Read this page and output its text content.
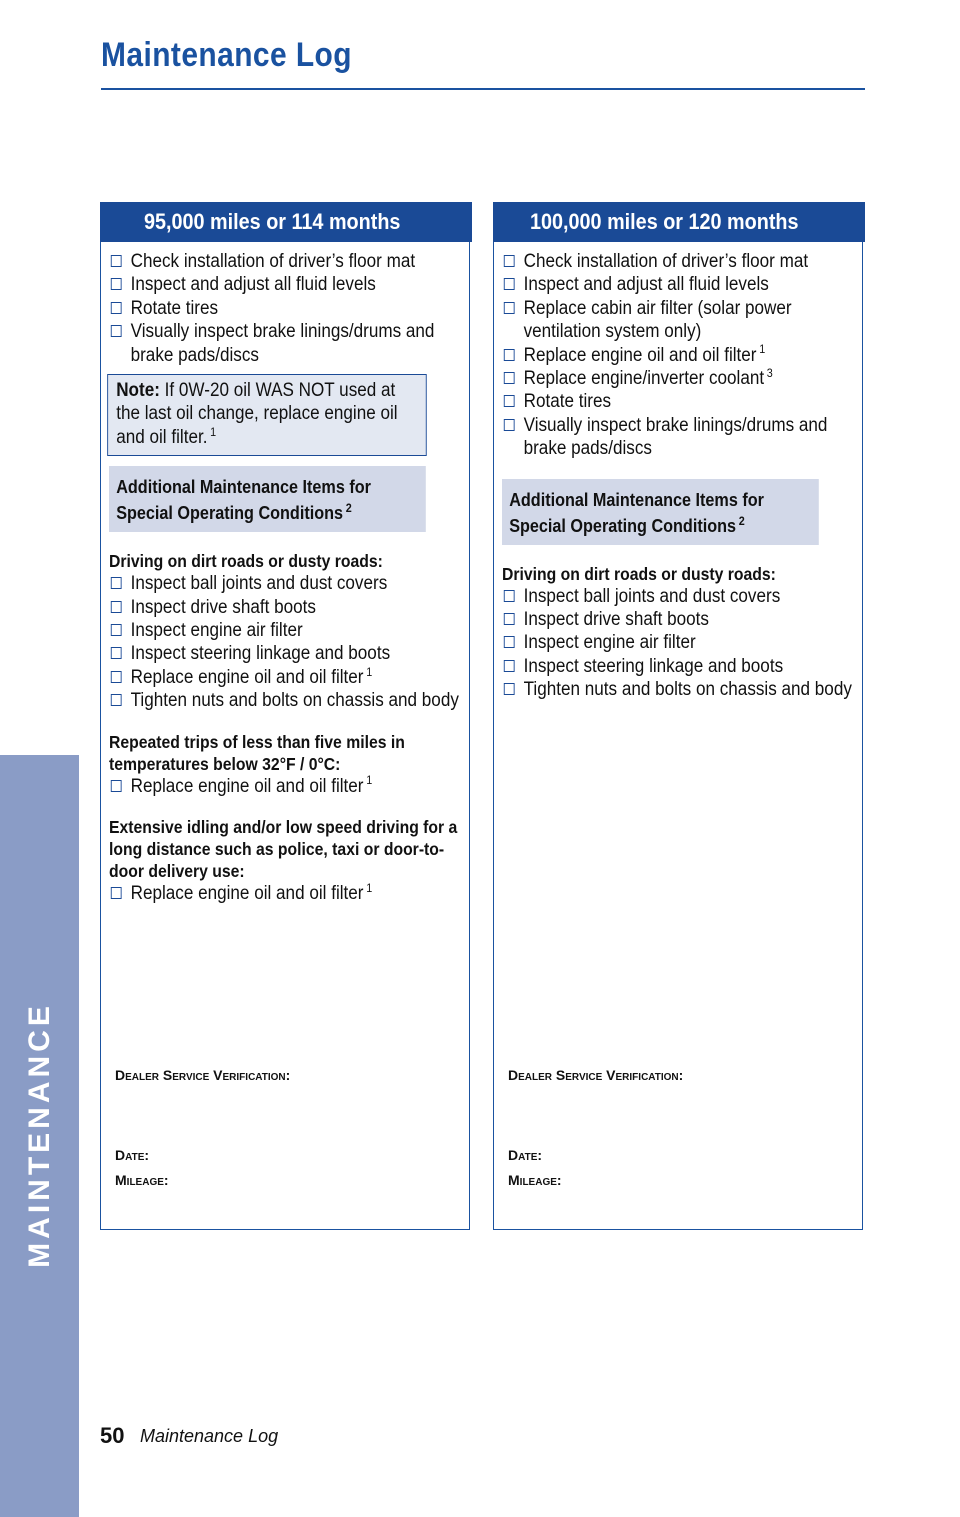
Maintenance Log
MAINTENANCE
95,000 miles or 114 months
Check installation of driver’s floor mat
Inspect and adjust all fluid levels
Rotate tires
Visually inspect brake linings/drums and brake pads/discs
Note: If 0W-20 oil WAS NOT used at the last oil change, replace engine oil and oil filter. $^1$
Additional Maintenance Items for
Special Operating Conditions $^2$
Driving on dirt roads or dusty roads:
Inspect ball joints and dust covers
Inspect drive shaft boots
Inspect engine air filter
Inspect steering linkage and boots
Replace engine oil and oil filter $^1$
Tighten nuts and bolts on chassis and body
Repeated trips of less than five miles in temperatures below 32°F / 0°C:
Replace engine oil and oil filter $^1$
Extensive idling and/or low speed driving for a long distance such as police, taxi or door-to-door delivery use:
Replace engine oil and oil filter $^1$
Dealer Service Verification:
Date:
Mileage:
100,000 miles or 120 months
Check installation of driver’s floor mat
Inspect and adjust all fluid levels
Replace cabin air filter (solar power ventilation system only)
Replace engine oil and oil filter $^1$
Replace engine/inverter coolant $^3$
Rotate tires
Visually inspect brake linings/drums and brake pads/discs
Additional Maintenance Items for
Special Operating Conditions $^2$
Driving on dirt roads or dusty roads:
Inspect ball joints and dust covers
Inspect drive shaft boots
Inspect engine air filter
Inspect steering linkage and boots
Tighten nuts and bolts on chassis and body
Dealer Service Verification:
Date:
Mileage:
50 Maintenance Log
